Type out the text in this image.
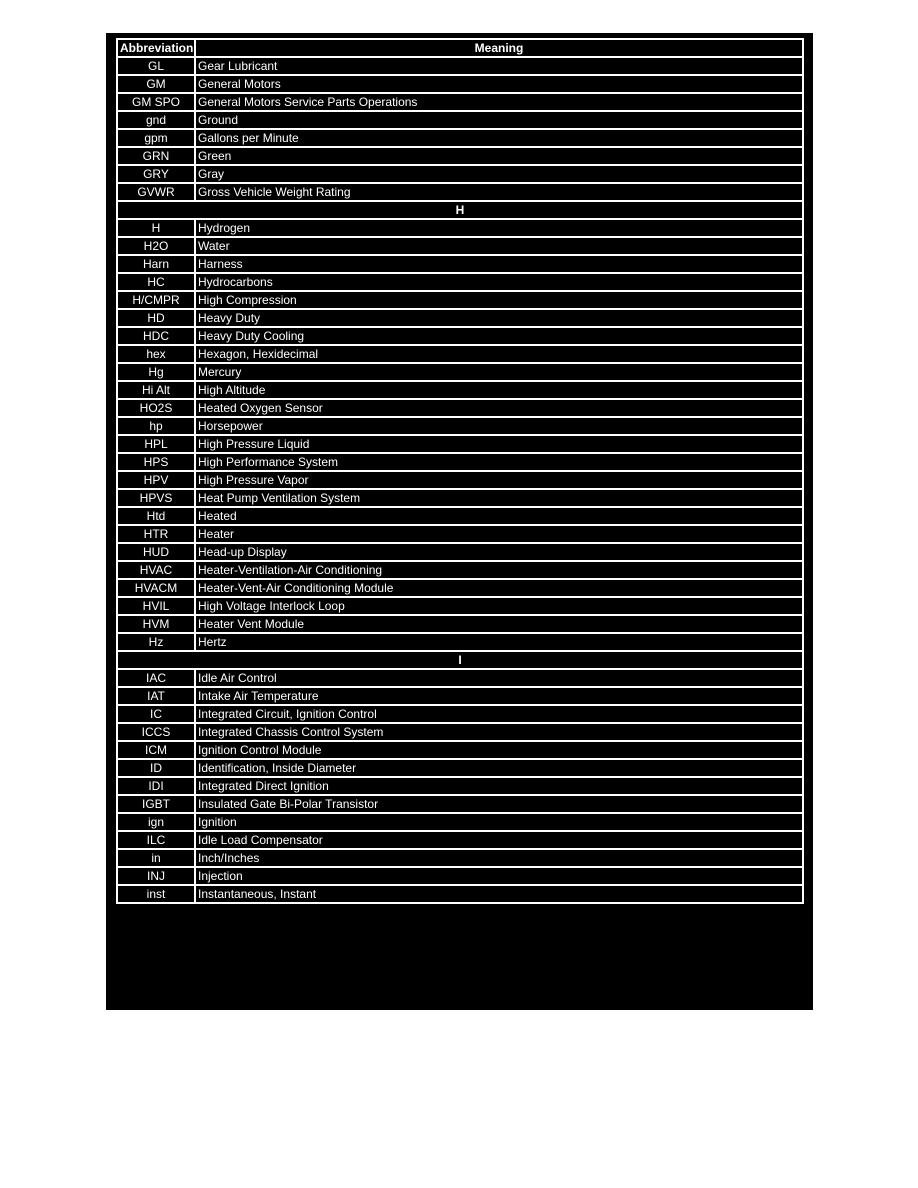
Abbreviation	Meaning
GL	Gear Lubricant
GM	General Motors
GM SPO	General Motors Service Parts Operations
gnd	Ground
gpm	Gallons per Minute
GRN	Green
GRY	Gray
GVWR	Gross Vehicle Weight Rating
H	
H	Hydrogen
H2O	Water
Harn	Harness
HC	Hydrocarbons
H/CMPR	High Compression
HD	Heavy Duty
HDC	Heavy Duty Cooling
hex	Hexagon, Hexidecimal
Hg	Mercury
Hi Alt	High Altitude
HO2S	Heated Oxygen Sensor
hp	Horsepower
HPL	High Pressure Liquid
HPS	High Performance System
HPV	High Pressure Vapor
HPVS	Heat Pump Ventilation System
Htd	Heated
HTR	Heater
HUD	Head-up Display
HVAC	Heater-Ventilation-Air Conditioning
HVACM	Heater-Vent-Air Conditioning Module
HVIL	High Voltage Interlock Loop
HVM	Heater Vent Module
Hz	Hertz
I	
IAC	Idle Air Control
IAT	Intake Air Temperature
IC	Integrated Circuit, Ignition Control
ICCS	Integrated Chassis Control System
ICM	Ignition Control Module
ID	Identification, Inside Diameter
IDI	Integrated Direct Ignition
IGBT	Insulated Gate Bi-Polar Transistor
ign	Ignition
ILC	Idle Load Compensator
in	Inch/Inches
INJ	Injection
inst	Instantaneous, Instant
